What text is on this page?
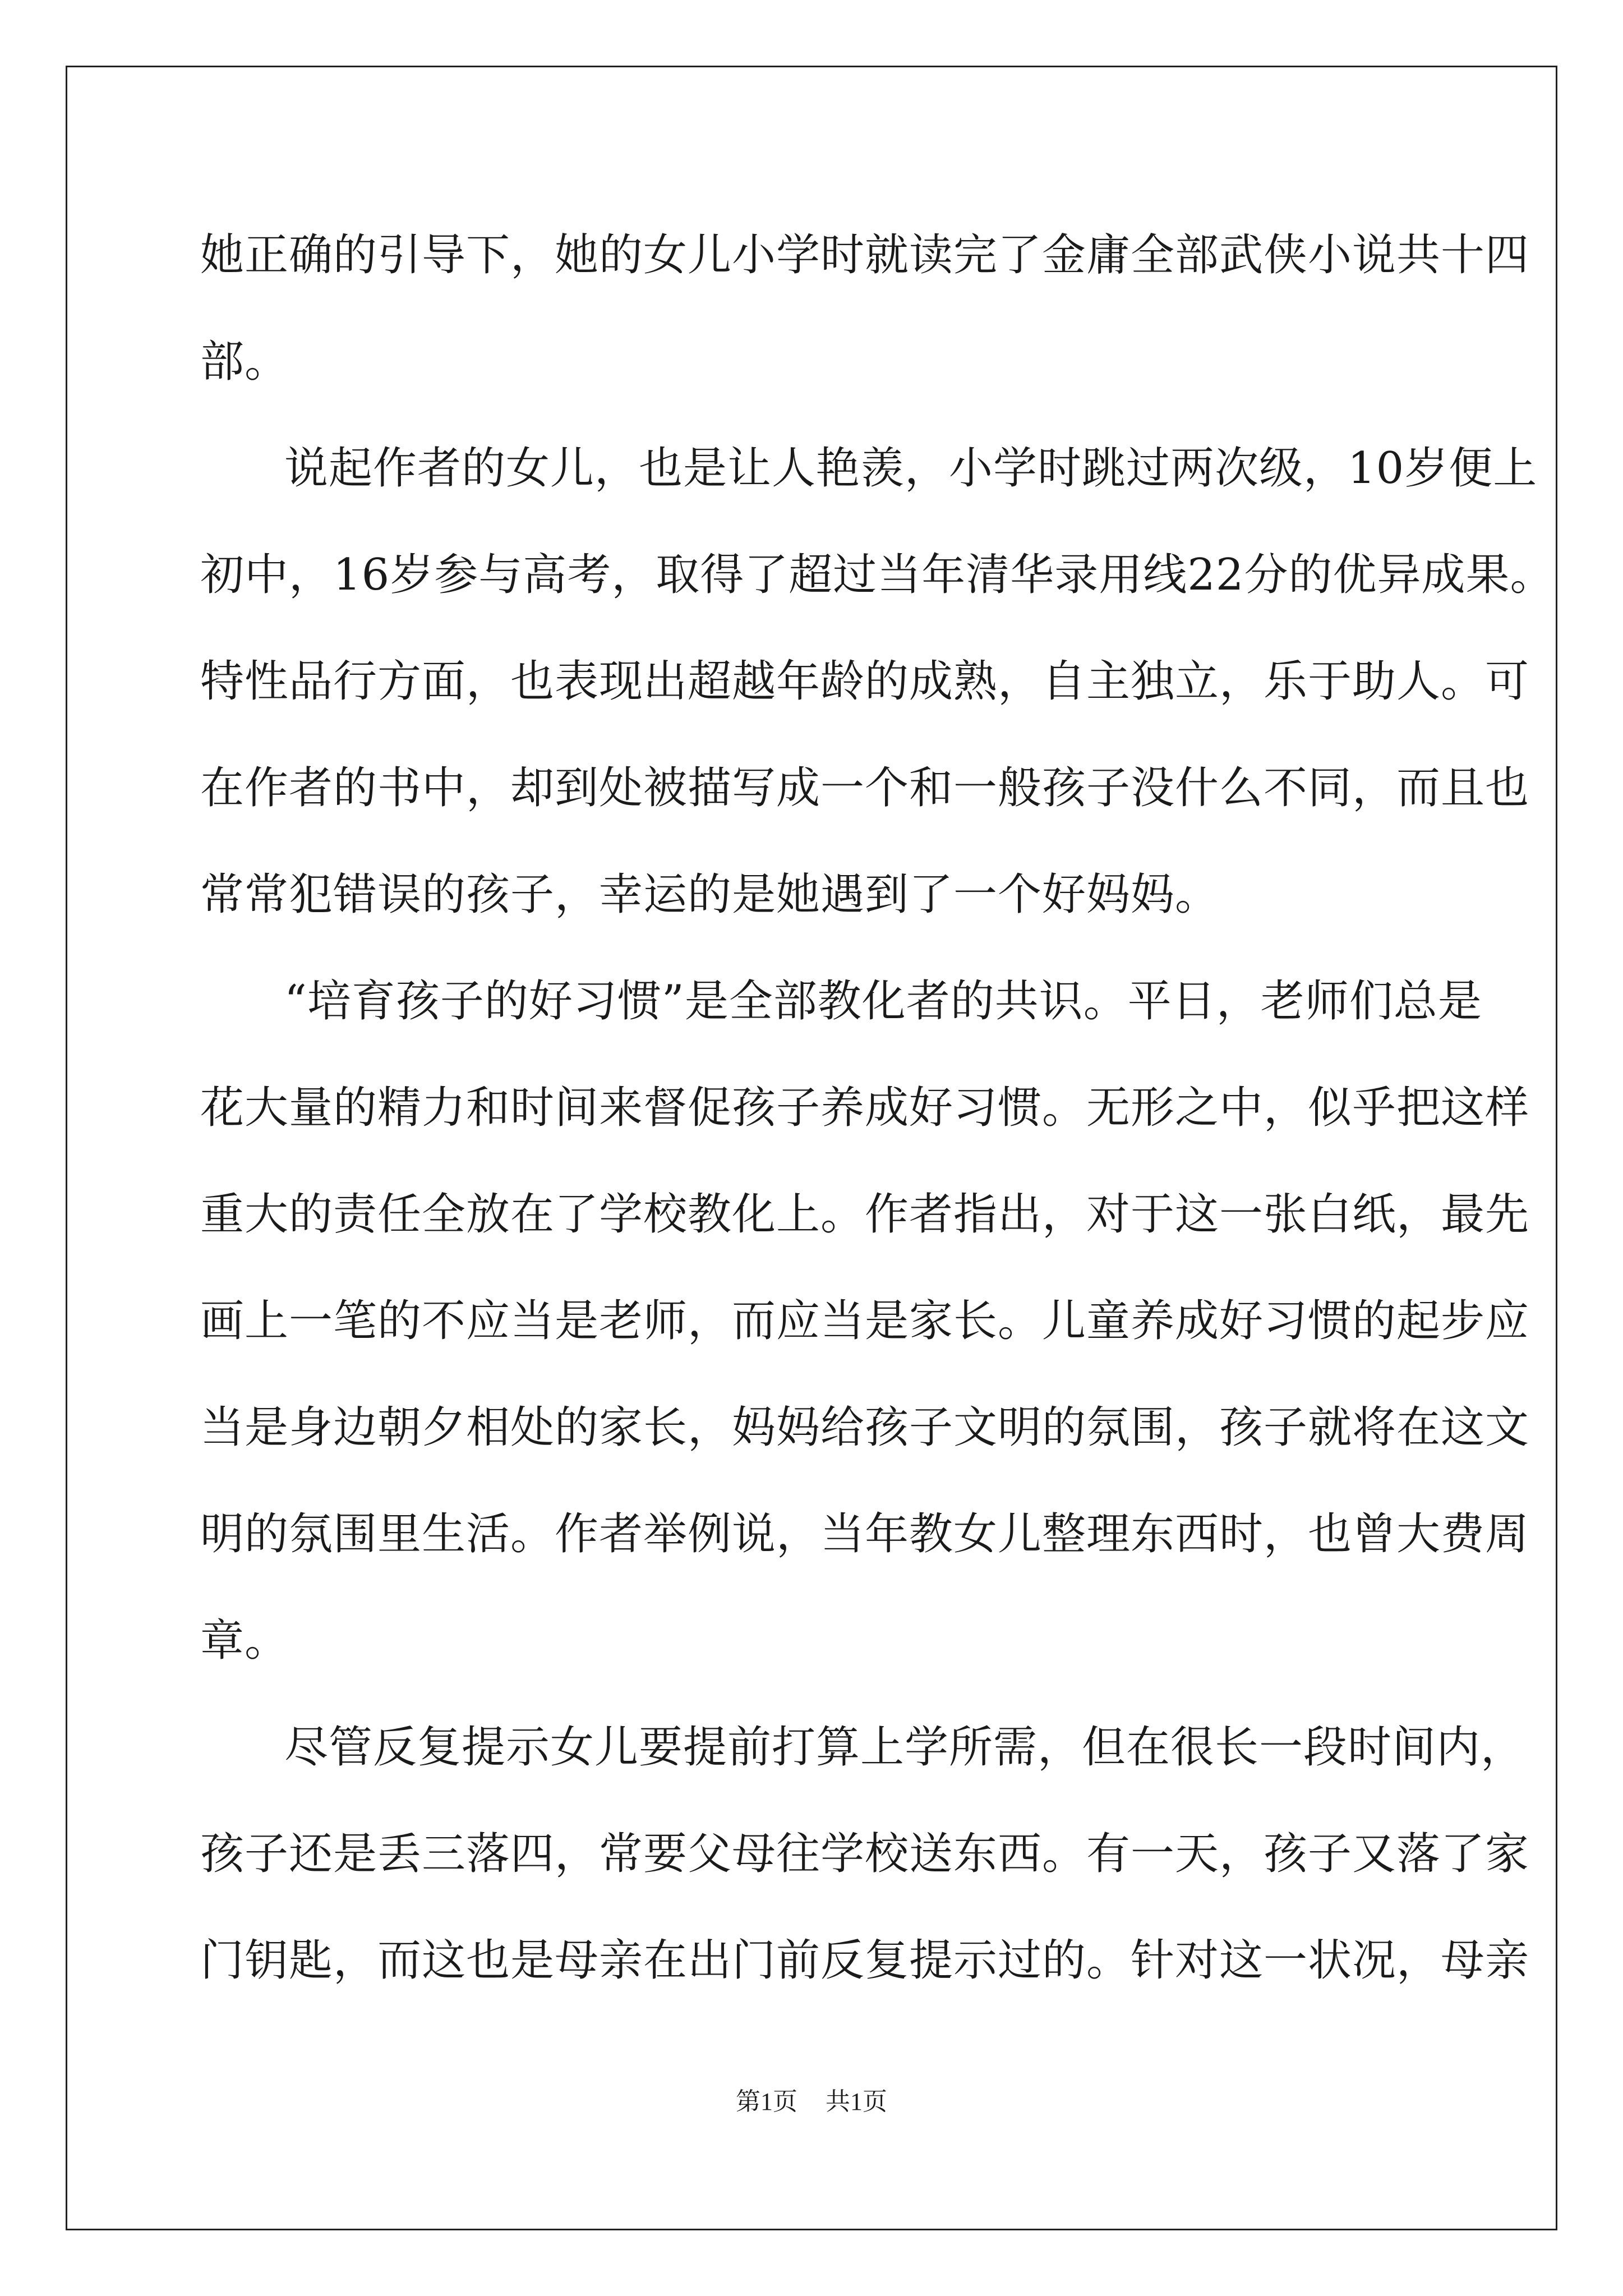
她正确的引导下，她的女儿小学时就读完了金庸全部武侠小说共十四
部。
说起作者的女儿，也是让人艳羡，小学时跳过两次级，10岁便上
初中，16岁参与高考，取得了超过当年清华录用线22分的优异成果。
特性品行方面，也表现出超越年龄的成熟，自主独立，乐于助人。可
在作者的书中，却到处被描写成一个和一般孩子没什么不同，而且也
常常犯错误的孩子，幸运的是她遇到了一个好妈妈。
“培育孩子的好习惯”是全部教化者的共识。平日，老师们总是
花大量的精力和时间来督促孩子养成好习惯。无形之中，似乎把这样
重大的责任全放在了学校教化上。作者指出，对于这一张白纸，最先
画上一笔的不应当是老师，而应当是家长。儿童养成好习惯的起步应
当是身边朝夕相处的家长，妈妈给孩子文明的氛围，孩子就将在这文
明的氛围里生活。作者举例说，当年教女儿整理东西时，也曾大费周
章。
尽管反复提示女儿要提前打算上学所需，但在很长一段时间内，
孩子还是丢三落四，常要父母往学校送东西。有一天，孩子又落了家
门钥匙，而这也是母亲在出门前反复提示过的。针对这一状况，母亲
第1页 共1页
